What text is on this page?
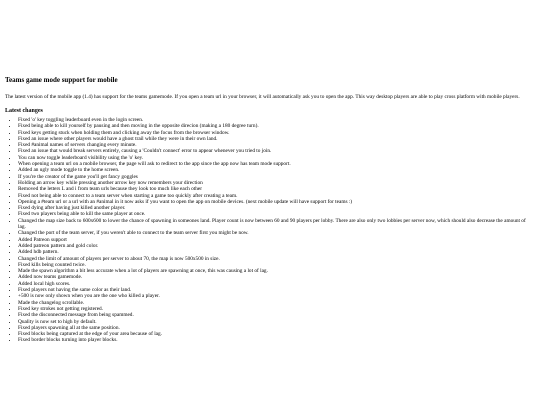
Teams game mode support for mobile

The latest version of the mobile app (1.4) has support for the teams gamemode. If you open a team url in your browser, it will automatically ask you to open the app. This way desktop players are able to play cross platform with mobile players.

Latest changes
• Fixed 'o' key toggling leaderboard even in the login screen.
• Fixed being able to kill yourself by pausing and then moving in the opposite direcion (making a 180 degree turn).
• Fixed keys getting stuck when holding them and clicking away the focus from the browser window.
• Fixed an issue where other players would have a ghost trail while they were in their own land.
• Fixed #animal names of servers changing every minute.
• Fixed an issue that would break servers entirely, causing a 'Couldn't connect' error to appear whenever you tried to join.
• You can now toggle leaderboard visibility using the 'o' key.
• When opening a team url on a mobile browser, the page will ask to redirect to the app since the app now has team mode support.
• Added an ugly mode toggle to the home screen.
• If you're the creator of the game you'll get fancy goggles
• Holding an arrow key while pressing another arrow key now remembers your direction
• Removed the letters L and i from team urls because they look too much like each other
• Fixed not being able to connect to a team server when starting a game too quickly after creating a team.
• Opening a #team url or a url with an #animal in it now asks if you want to open the app on mobile devices. (next mobile update will have support for teams :)
• Fixed dying after having just killed another player.
• Fixed two players being able to kill the same player at once.
• Changed the map size back to 600x600 to lower the chance of spawning in someones land. Player count is now between 60 and 90 players per lobby. There are also only two lobbies per server now, which should also decrease the amount of lag.
• Changed the port of the team server, if you weren't able to connect to the team server first you might be now.
• Added Patreon support
• Added patreon pattern and gold color.
• Added hdb pattern.
• Changed the limit of amount of players per server to about 70, the map is now 500x500 in size.
• Fixed kills being counted twice.
• Made the spawn algorithm a bit less accurate when a lot of players are spawning at once, this was causing a lot of lag.
• Added now teams gamemode.
• Added local high scores.
• Fixed players not having the same color as their land.
• +500 is now only shown when you are the one who killed a player.
• Made the changelog scrollable.
• Fixed key strokes not getting registered.
• Fixed the disconnected message from being spammed.
• Quality is now set to high by default.
• Fixed players spawning all at the same position.
• Fixed blocks being captured at the edge of your area because of lag.
• Fixed border blocks turning into player blocks.
